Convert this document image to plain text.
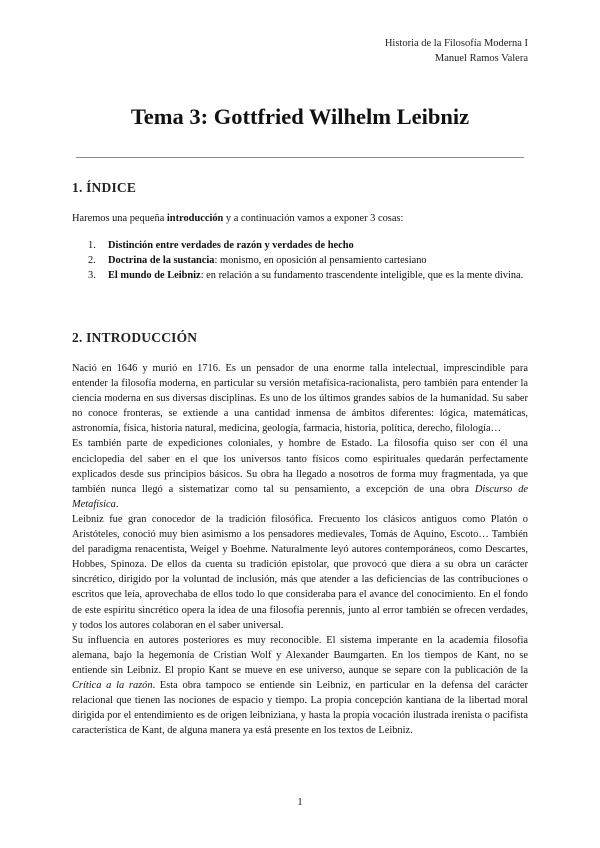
Historia de la Filosofía Moderna I
Manuel Ramos Valera
Tema 3: Gottfried Wilhelm Leibniz
1. ÍNDICE

Haremos una pequeña introducción y a continuación vamos a exponer 3 cosas:

1. Distinción entre verdades de razón y verdades de hecho
2. Doctrina de la sustancia: monismo, en oposición al pensamiento cartesiano
3. El mundo de Leibniz: en relación a su fundamento trascendente inteligible, que es la mente divina.
2. INTRODUCCIÓN

Nació en 1646 y murió en 1716. Es un pensador de una enorme talla intelectual, imprescindible para entender la filosofía moderna, en particular su versión metafísica-racionalista, pero también para entender la ciencia moderna en sus diversas disciplinas. Es uno de los últimos grandes sabios de la humanidad. Su saber no conoce fronteras, se extiende a una cantidad inmensa de ámbitos diferentes: lógica, matemáticas, astronomía, física, historia natural, medicina, geología, farmacia, historia, política, derecho, filología…

Es también parte de expediciones coloniales, y hombre de Estado. La filosofía quiso ser con él una enciclopedia del saber en el que los universos tanto físicos como espirituales quedarán perfectamente explicados desde sus principios básicos. Su obra ha llegado a nosotros de forma muy fragmentada, ya que también nunca llegó a sistematizar como tal su pensamiento, a excepción de una obra Discurso de Metafísica.

Leibniz fue gran conocedor de la tradición filosófica. Frecuento los clásicos antiguos como Platón o Aristóteles, conoció muy bien asimismo a los pensadores medievales, Tomás de Aquino, Escoto… También del paradigma renacentista, Weigel y Boehme. Naturalmente leyó autores contemporáneos, como Descartes, Hobbes, Spinoza. De ellos da cuenta su tradición epistolar, que provocó que diera a su obra un carácter sincrético, dirigido por la voluntad de inclusión, más que atender a las deficiencias de las contribuciones o escritos que leía, aprovechaba de ellos todo lo que consideraba para el avance del conocimiento. En el fondo de este espíritu sincrético opera la idea de una filosofía perennis, junto al error también se ofrecen verdades, y todos los autores colaboran en el saber universal.

Su influencia en autores posteriores es muy reconocible. El sistema imperante en la academia filosofía alemana, bajo la hegemonía de Cristian Wolf y Alexander Baumgarten. En los tiempos de Kant, no se entiende sin Leibniz. El propio Kant se mueve en ese universo, aunque se separe con la publicación de la Crítica a la razón. Esta obra tampoco se entiende sin Leibniz, en particular en la defensa del carácter relacional que tienen las nociones de espacio y tiempo. La propia concepción kantiana de la libertad moral dirigida por el entendimiento es de origen leibniziana, y hasta la propia vocación ilustrada irenista o pacifista característica de Kant, de alguna manera ya está presente en los textos de Leibniz.

1
